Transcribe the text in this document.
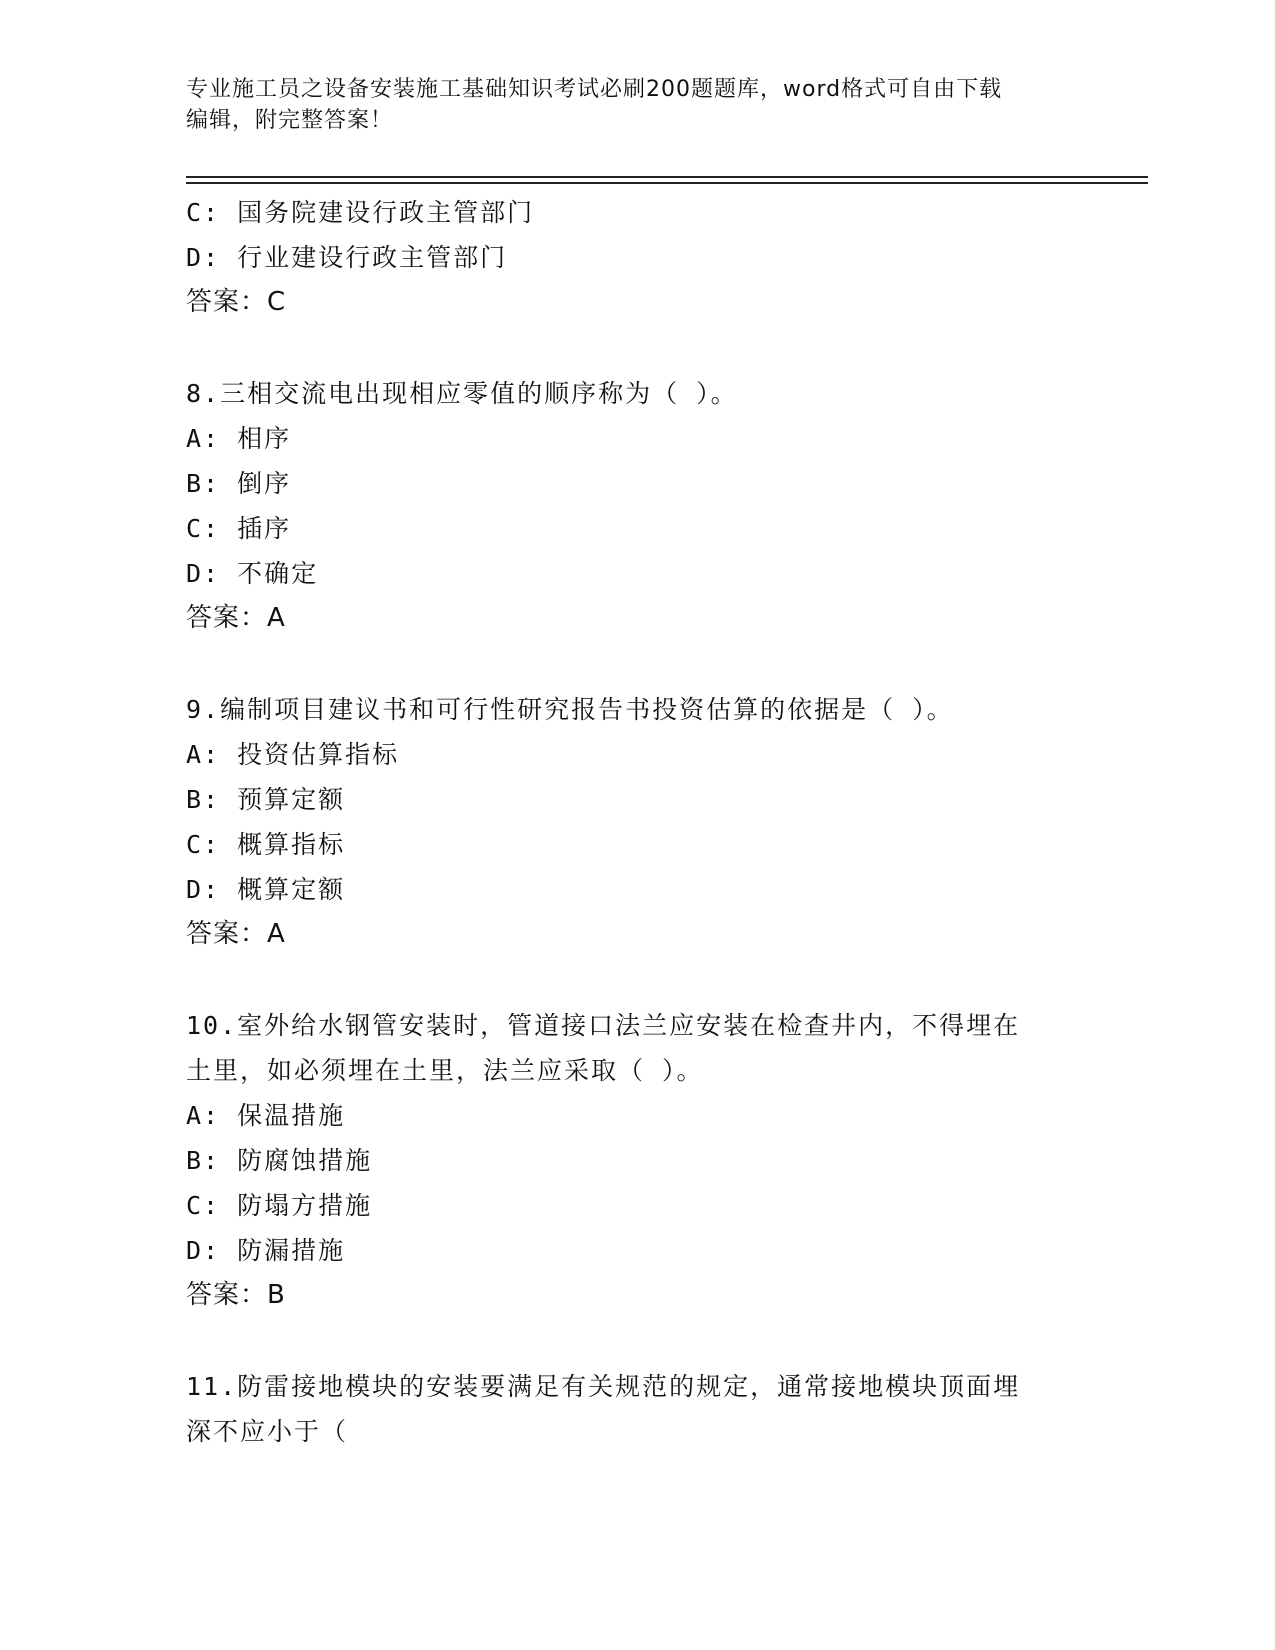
专业施工员之设备安装施工基础知识考试必刷200题题库，word格式可自由下载
编辑，附完整答案！
C: 国务院建设行政主管部门
D: 行业建设行政主管部门
答案：C
8.三相交流电出现相应零值的顺序称为（ ）。
A: 相序
B: 倒序
C: 插序
D: 不确定
答案：A
9.编制项目建议书和可行性研究报告书投资估算的依据是（ ）。
A: 投资估算指标
B: 预算定额
C: 概算指标
D: 概算定额
答案：A
10.室外给水钢管安装时，管道接口法兰应安装在检查井内，不得埋在
土里，如必须埋在土里，法兰应采取（ ）。
A: 保温措施
B: 防腐蚀措施
C: 防塌方措施
D: 防漏措施
答案：B
11.防雷接地模块的安装要满足有关规范的规定，通常接地模块顶面埋
深不应小于（
